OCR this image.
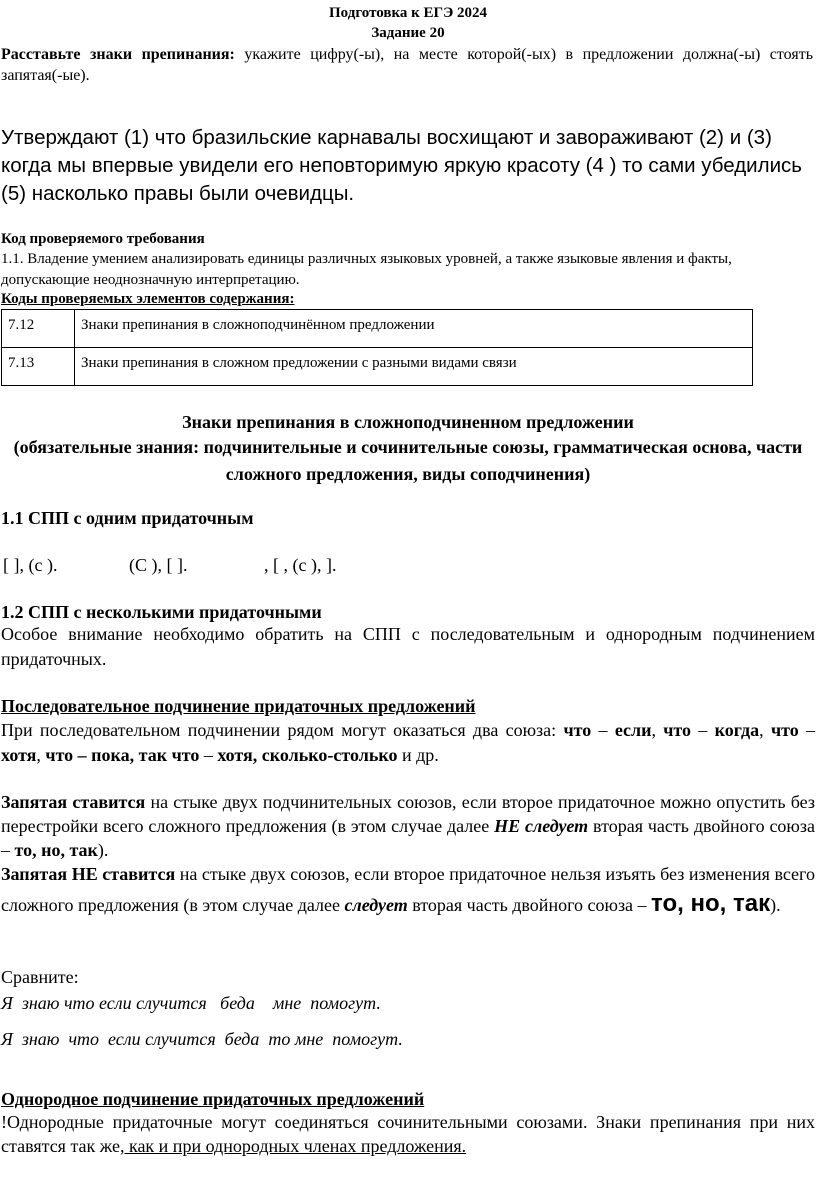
Подготовка к ЕГЭ 2024
Задание 20
Расставьте знаки препинания: укажите цифру(-ы), на месте которой(-ых) в предложении должна(-ы) стоять запятая(-ые).
Утверждают (1) что бразильские карнавалы восхищают и завораживают (2) и (3) когда мы впервые увидели его неповторимую яркую красоту (4 ) то сами убедились (5) насколько правы были очевидцы.
Код проверяемого требования
1.1. Владение умением анализировать единицы различных языковых уровней, а также языковые явления и факты, допускающие неоднозначную интерпретацию.
Коды проверяемых элементов содержания:
7.12	Знаки препинания в сложноподчинённом предложении
7.13	Знаки препинания в сложном предложении с разными видами связи
Знаки препинания в сложноподчиненном предложении
(обязательные знания: подчинительные и сочинительные союзы, грамматическая основа, части сложного предложения, виды соподчинения)
1.1 СПП с одним придаточным
[ ], (с ).	(С ), [ ].	, [ , (с ), ].
1.2 СПП с несколькими придаточными
Особое внимание необходимо обратить на СПП с последовательным и однородным подчинением придаточных.
Последовательное подчинение придаточных предложений
При последовательном подчинении рядом могут оказаться два союза: что – если, что – когда, что – хотя, что – пока, так что – хотя, сколько-столько и др.
Запятая ставится на стыке двух подчинительных союзов, если второе придаточное можно опустить без перестройки всего сложного предложения (в этом случае далее НЕ следует вторая часть двойного союза – то, но, так).
Запятая НЕ ставится на стыке двух союзов, если второе придаточное нельзя изъять без изменения всего сложного предложения (в этом случае далее следует вторая часть двойного союза – то, но, так).
Сравните:
Я  знаю что если случится   беда    мне  помогут.
Я  знаю  что  если случится  беда  то мне  помогут.
Однородное подчинение придаточных предложений
!Однородные придаточные могут соединяться сочинительными союзами. Знаки препинания при них ставятся так же, как и при однородных членах предложения.
